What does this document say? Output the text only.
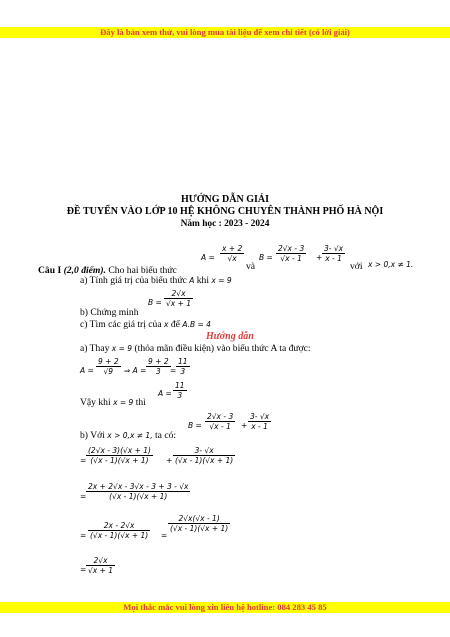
Đây là bản xem thử, vui lòng mua tài liệu để xem chi tiết (có lời giải)
HƯỚNG DẪN GIẢI
ĐỀ TUYỂN VÀO LỚP 10 HỆ KHÔNG CHUYÊN THÀNH PHỐ HÀ NỘI
Năm học : 2023 - 2024
$A = \frac{x + 2}{√x}$
và
$B = \frac{2√x - 3}{√x - 1} + \frac{3- √x}{x - 1}$
với x > 0,x ≠ 1.
Câu I (2,0 điểm). Cho hai biểu thức
a) Tính giá trị của biểu thức A khi x = 9
$B = \frac{2√x}{√x + 1}$
b) Chứng minh
c) Tìm các giá trị của x để A.B = 4
Hướng dẫn
a) Thay x = 9 (thỏa mãn điều kiện) vào biểu thức A ta được:
$A = \frac{9 + 2}{√9}$ ⇒ $A = \frac{9 + 2}{3} = \frac{11}{3}$
$A = \frac{11}{3}$
Vậy khi x = 9 thì
$B = \frac{2√x - 3}{√x - 1} + \frac{3- √x}{x - 1}$
b) Với x > 0,x ≠ 1, ta có:
= $\frac{(2√x - 3)(√x + 1)}{(√x - 1)(√x + 1)} + \frac{3- √x}{(√x - 1)(√x + 1)}$
= $\frac{2x + 2√x - 3√x - 3 + 3 - √x}{(√x - 1)(√x + 1)}$
= $\frac{2x - 2√x}{(√x - 1)(√x + 1)}$ =
$\frac{2√x(√x - 1)}{(√x - 1)(√x + 1)}$
= $\frac{2√x}{√x + 1}$
Mọi thắc mắc vui lòng xin liên hệ hotline: 084 283 45 85
